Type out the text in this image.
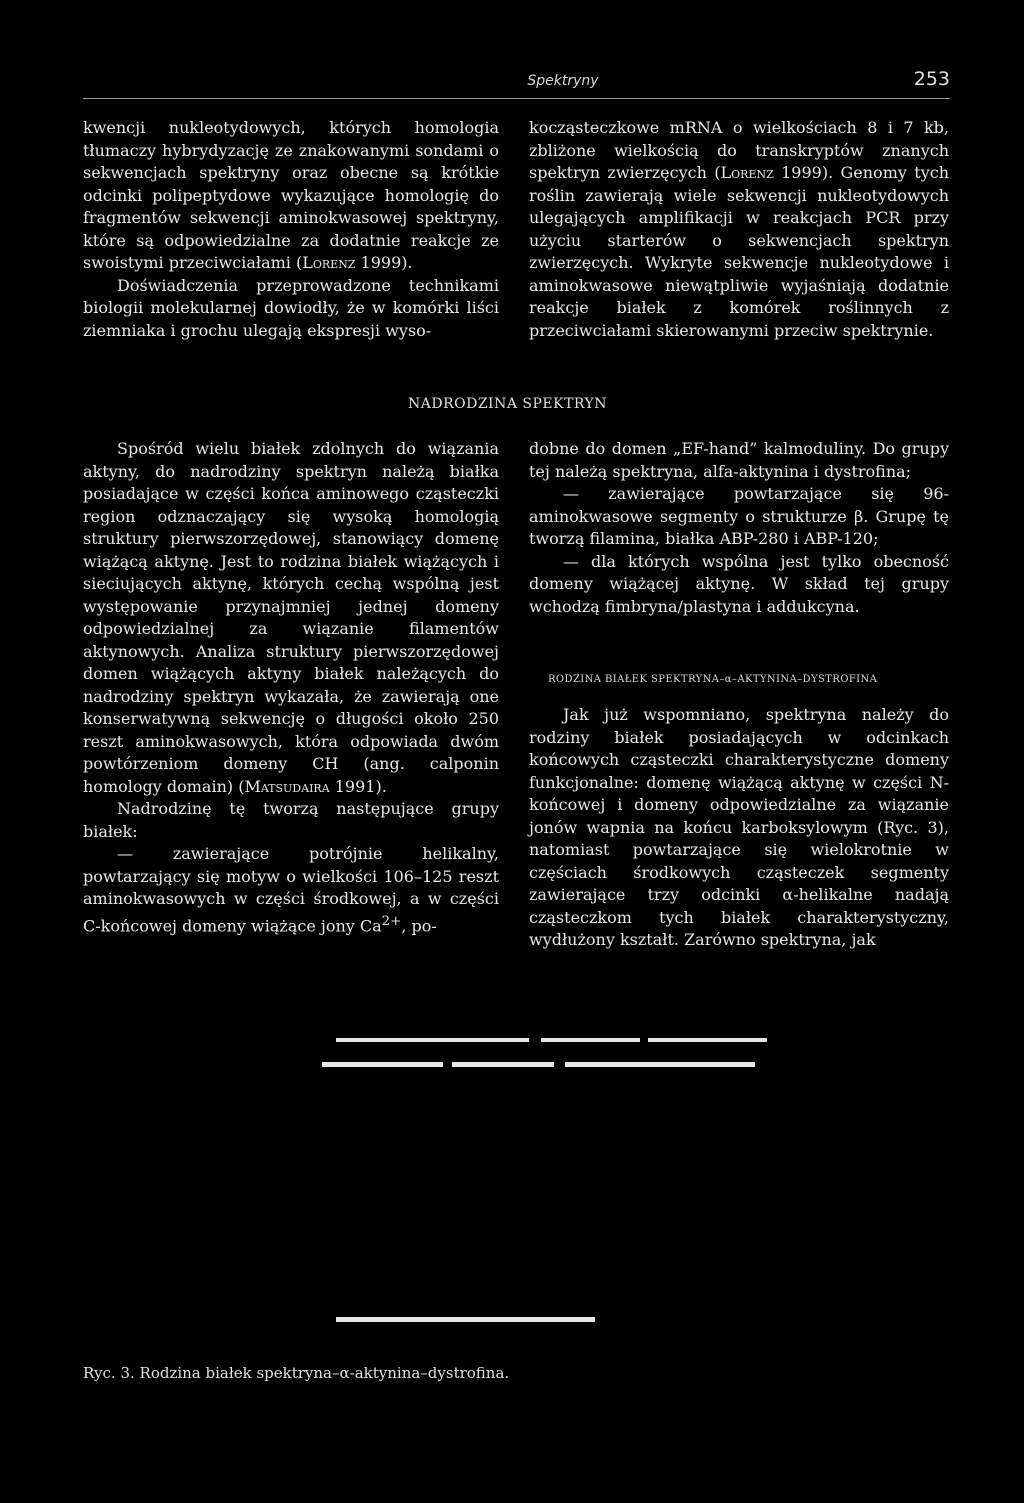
Spektryny	253

kwencji nukleotydowych, których homologia tłumaczy hybrydyzację ze znakowanymi sondami o sekwencjach spektryny oraz obecne są krótkie odcinki polipeptydowe wykazujące homologię do fragmentów sekwencji aminokwasowej spektryny, które są odpowiedzialne za dodatnie reakcje ze swoistymi przeciwciałami (Lorenz 1999).

Doświadczenia przeprowadzone technikami biologii molekularnej dowiodły, że w komórki liści ziemniaka i grochu ulegają ekspresji wyso-

kocząsteczkowe mRNA o wielkościach 8 i 7 kb, zbliżone wielkością do transkryptów znanych spektryn zwierzęcych (Lorenz 1999). Genomy tych roślin zawierają wiele sekwencji nukleotydowych ulegających amplifikacji w reakcjach PCR przy użyciu starterów o sekwencjach spektryn zwierzęcych. Wykryte sekwencje nukleotydowe i aminokwasowe niewątpliwie wyjaśniają dodatnie reakcje białek z komórek roślinnych z przeciwciałami skierowanymi przeciw spektrynie.

NADRODZINA SPEKTRYN

Spośród wielu białek zdolnych do wiązania aktyny, do nadrodziny spektryn należą białka posiadające w części końca aminowego cząsteczki region odznaczający się wysoką homologią struktury pierwszorzędowej, stanowiący domenę wiążącą aktynę. Jest to rodzina białek wiążących i sieciujących aktynę, których cechą wspólną jest występowanie przynajmniej jednej domeny odpowiedzialnej za wiązanie filamentów aktynowych. Analiza struktury pierwszorzędowej domen wiążących aktyny białek należących do nadrodziny spektryn wykazała, że zawierają one konserwatywną sekwencję o długości około 250 reszt aminokwasowych, która odpowiada dwóm powtórzeniom domeny CH (ang. calponin homology domain) (Matsudaira 1991).

Nadrodzinę tę tworzą następujące grupy białek:

— zawierające potrójnie helikalny, powtarzający się motyw o wielkości 106–125 reszt aminokwasowych w części środkowej, a w części C-końcowej domeny wiążące jony $Ca^{2+}$, po-

dobne do domen „EF-hand” kalmoduliny. Do grupy tej należą spektryna, alfa-aktynina i dystrofina;

— zawierające powtarzające się 96-aminokwasowe segmenty o strukturze β. Grupę tę tworzą filamina, białka ABP-280 i ABP-120;

— dla których wspólna jest tylko obecność domeny wiążącej aktynę. W skład tej grupy wchodzą fimbryna/plastyna i addukcyna.

RODZINA BIAŁEK SPEKTRYNA–α–AKTYNINA–DYSTROFINA

Jak już wspomniano, spektryna należy do rodziny białek posiadających w odcinkach końcowych cząsteczki charakterystyczne domeny funkcjonalne: domenę wiążącą aktynę w części N-końcowej i domeny odpowiedzialne za wiązanie jonów wapnia na końcu karboksylowym (Ryc. 3), natomiast powtarzające się wielokrotnie w częściach środkowych cząsteczek segmenty zawierające trzy odcinki α-helikalne nadają cząsteczkom tych białek charakterystyczny, wydłużony kształt. Zarówno spektryna, jak

Ryc. 3. Rodzina białek spektryna–α-aktynina–dystrofina.
